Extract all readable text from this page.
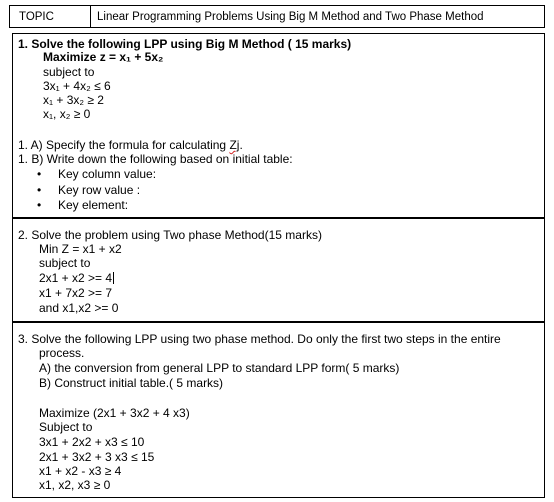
TOPIC	Linear Programming Problems Using Big M Method and Two Phase Method
1. Solve the following LPP using Big M Method ( 15 marks)
Maximize z = x₁ + 5x₂
subject to
3x₁ + 4x₂ ≤ 6
x₁ + 3x₂ ≥ 2
x₁, x₂ ≥ 0
1. A) Specify the formula for calculating Zj.
1. B) Write down the following based on initial table:
• Key column value:
• Key row value :
• Key element:
2. Solve the problem using Two phase Method(15 marks)
Min Z = x1 + x2
subject to
2x1 + x2 >= 4
x1 + 7x2 >= 7
and x1,x2 >= 0
3. Solve the following LPP using two phase method. Do only the first two steps in the entire
process.
A) the conversion from general LPP to standard LPP form( 5 marks)
B) Construct initial table.( 5 marks)
Maximize (2x1 + 3x2 + 4 x3)
Subject to
3x1 + 2x2 + x3 ≤ 10
2x1 + 3x2 + 3 x3 ≤ 15
x1 + x2 - x3 ≥ 4
x1, x2, x3 ≥ 0
